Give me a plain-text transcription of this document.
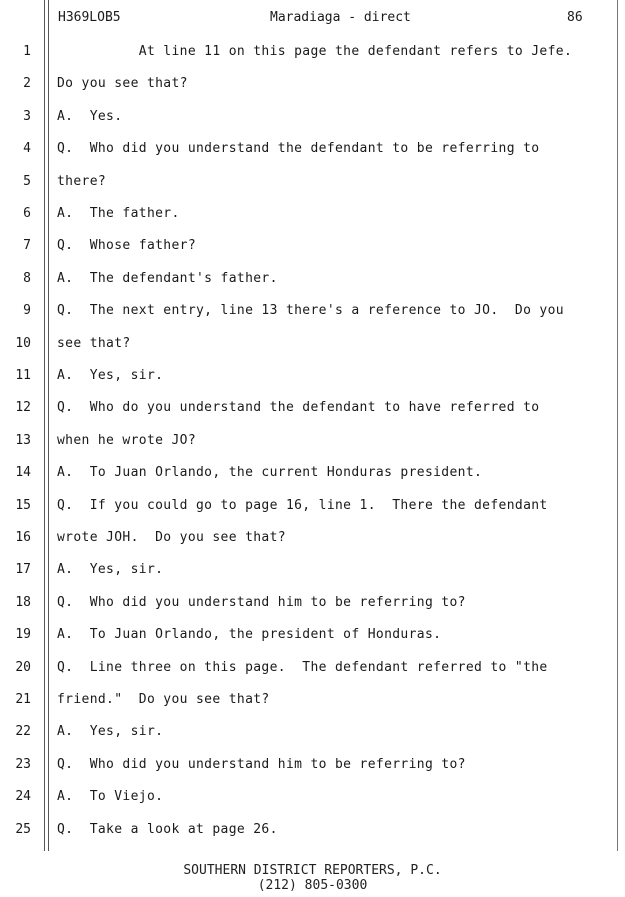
H369LOB5	Maradiaga - direct	86
1 At line 11 on this page the defendant refers to Jefe.
2 Do you see that?
3 A.  Yes.
4 Q.  Who did you understand the defendant to be referring to
5 there?
6 A.  The father.
7 Q.  Whose father?
8 A.  The defendant's father.
9 Q.  The next entry, line 13 there's a reference to JO.  Do you
10 see that?
11 A.  Yes, sir.
12 Q.  Who do you understand the defendant to have referred to
13 when he wrote JO?
14 A.  To Juan Orlando, the current Honduras president.
15 Q.  If you could go to page 16, line 1.  There the defendant
16 wrote JOH.  Do you see that?
17 A.  Yes, sir.
18 Q.  Who did you understand him to be referring to?
19 A.  To Juan Orlando, the president of Honduras.
20 Q.  Line three on this page.  The defendant referred to "the
21 friend."  Do you see that?
22 A.  Yes, sir.
23 Q.  Who did you understand him to be referring to?
24 A.  To Viejo.
25 Q.  Take a look at page 26.
SOUTHERN DISTRICT REPORTERS, P.C.
(212) 805-0300
